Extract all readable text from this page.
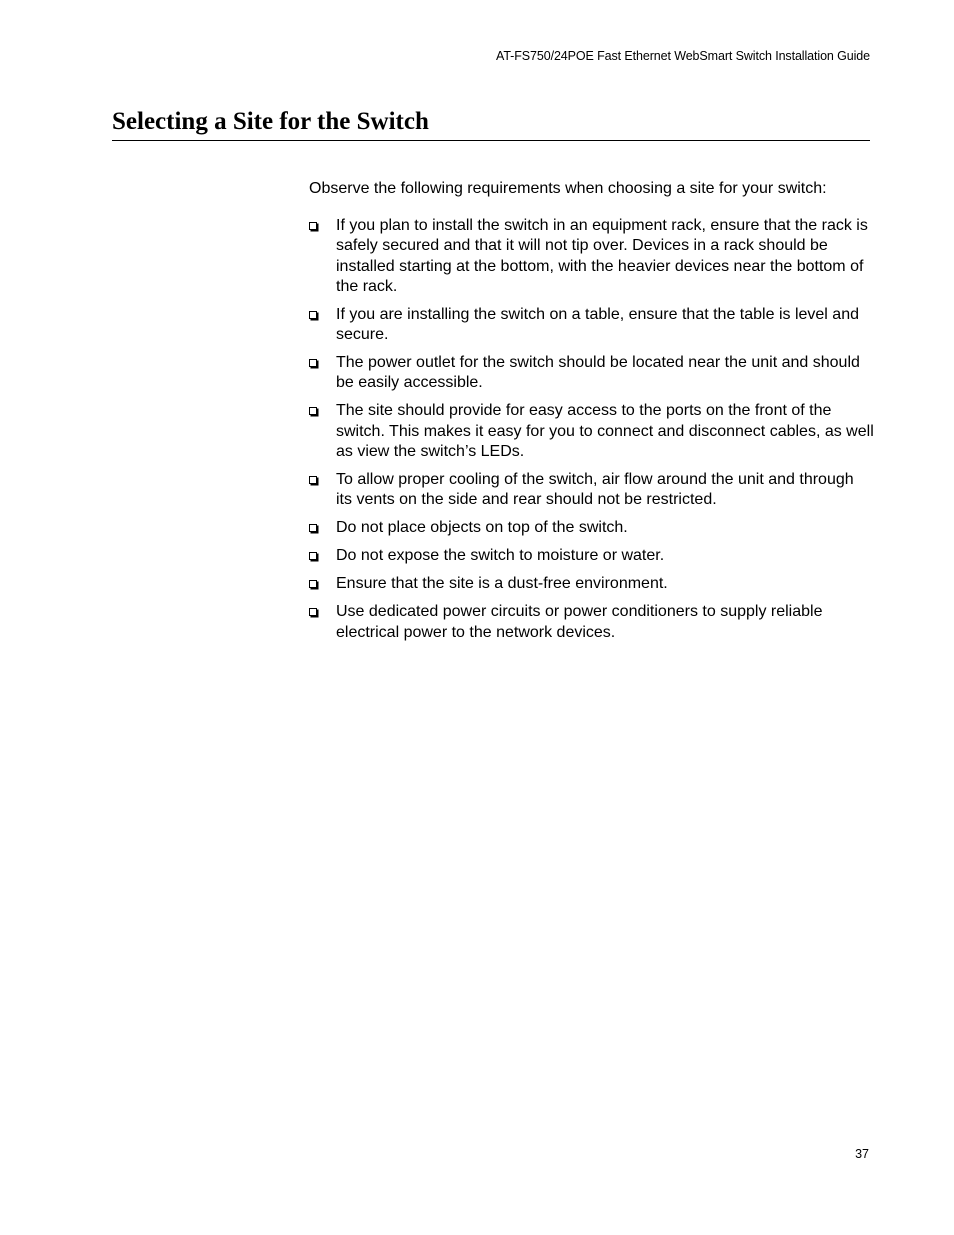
AT-FS750/24POE Fast Ethernet WebSmart Switch Installation Guide
Selecting a Site for the Switch

Observe the following requirements when choosing a site for your switch:

If you plan to install the switch in an equipment rack, ensure that the rack is safely secured and that it will not tip over. Devices in a rack should be installed starting at the bottom, with the heavier devices near the bottom of the rack.
If you are installing the switch on a table, ensure that the table is level and secure.
The power outlet for the switch should be located near the unit and should be easily accessible.
The site should provide for easy access to the ports on the front of the switch. This makes it easy for you to connect and disconnect cables, as well as view the switch’s LEDs.
To allow proper cooling of the switch, air flow around the unit and through its vents on the side and rear should not be restricted.
Do not place objects on top of the switch.
Do not expose the switch to moisture or water.
Ensure that the site is a dust-free environment.
Use dedicated power circuits or power conditioners to supply reliable electrical power to the network devices.
37
